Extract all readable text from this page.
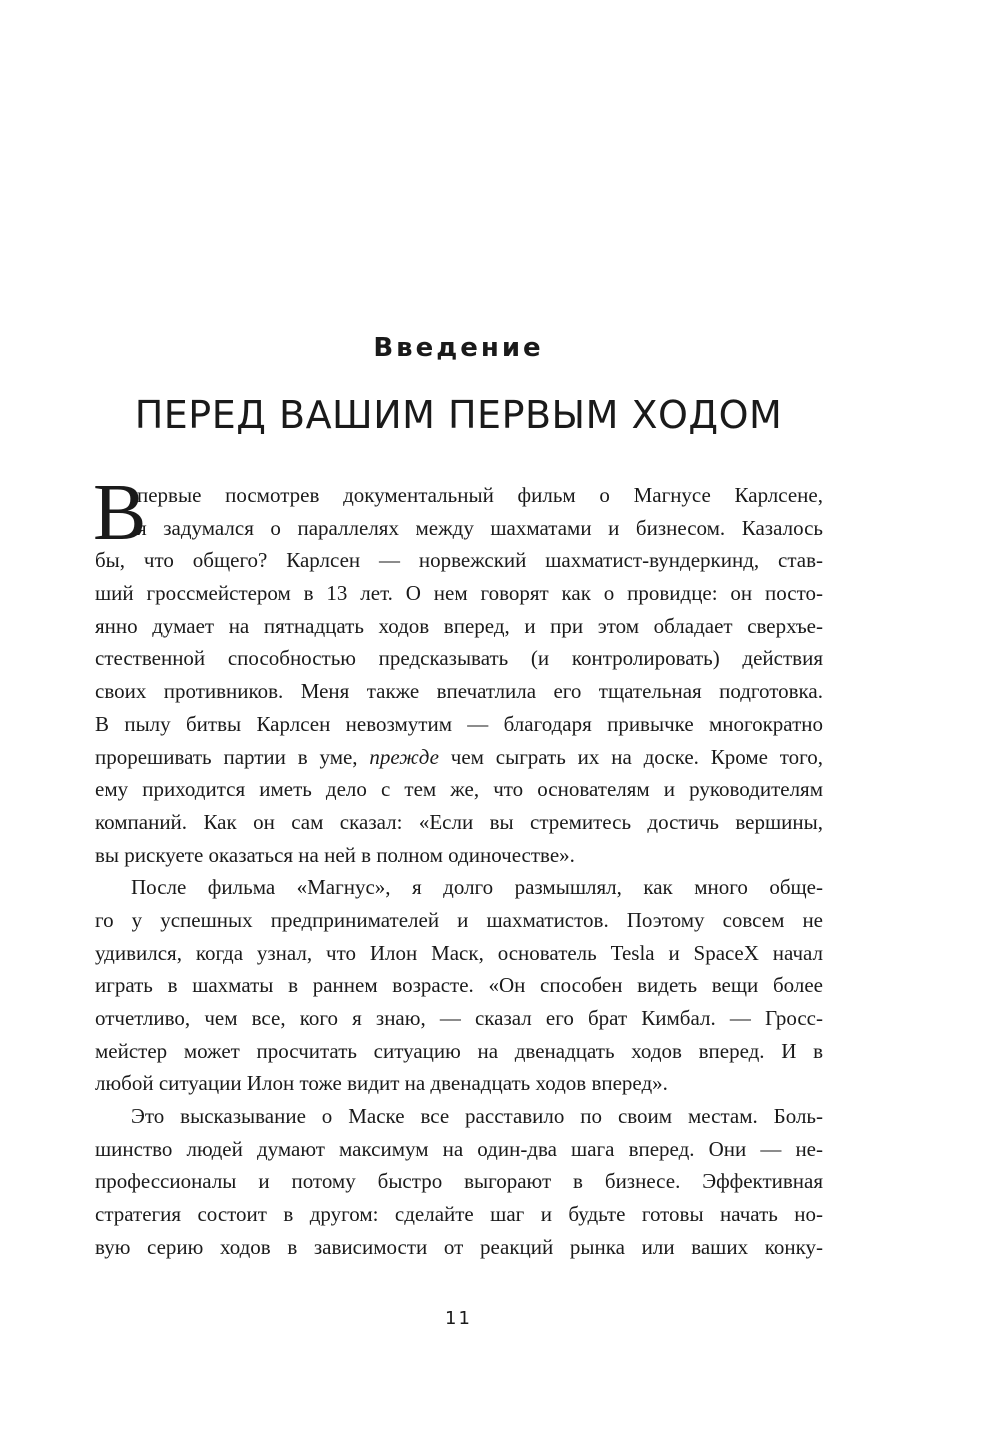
Введение
ПЕРЕД ВАШИМ ПЕРВЫМ ХОДОМ
В
первые посмотрев документальный фильм о Магнусе Карлсене,
я задумался о параллелях между шахматами и бизнесом. Казалось
бы, что общего? Карлсен — норвежский шахматист-вундеркинд, став-
ший гроссмейстером в 13 лет. О нем говорят как о провидце: он посто-
янно думает на пятнадцать ходов вперед, и при этом обладает сверхъе-
стественной способностью предсказывать (и контролировать) действия
своих противников. Меня также впечатлила его тщательная подготовка.
В пылу битвы Карлсен невозмутим — благодаря привычке многократно
прорешивать партии в уме, прежде чем сыграть их на доске. Кроме того,
ему приходится иметь дело с тем же, что основателям и руководителям
компаний. Как он сам сказал: «Если вы стремитесь достичь вершины,
вы рискуете оказаться на ней в полном одиночестве».
После фильма «Магнус», я долго размышлял, как много обще-
го у успешных предпринимателей и шахматистов. Поэтому совсем не
удивился, когда узнал, что Илон Маск, основатель Tesla и SpaceX начал
играть в шахматы в раннем возрасте. «Он способен видеть вещи более
отчетливо, чем все, кого я знаю, — сказал его брат Кимбал. — Гросс-
мейстер может просчитать ситуацию на двенадцать ходов вперед. И в
любой ситуации Илон тоже видит на двенадцать ходов вперед».
Это высказывание о Маске все расставило по своим местам. Боль-
шинство людей думают максимум на один-два шага вперед. Они — не-
профессионалы и потому быстро выгорают в бизнесе. Эффективная
стратегия состоит в другом: сделайте шаг и будьте готовы начать но-
вую серию ходов в зависимости от реакций рынка или ваших конку-
11
